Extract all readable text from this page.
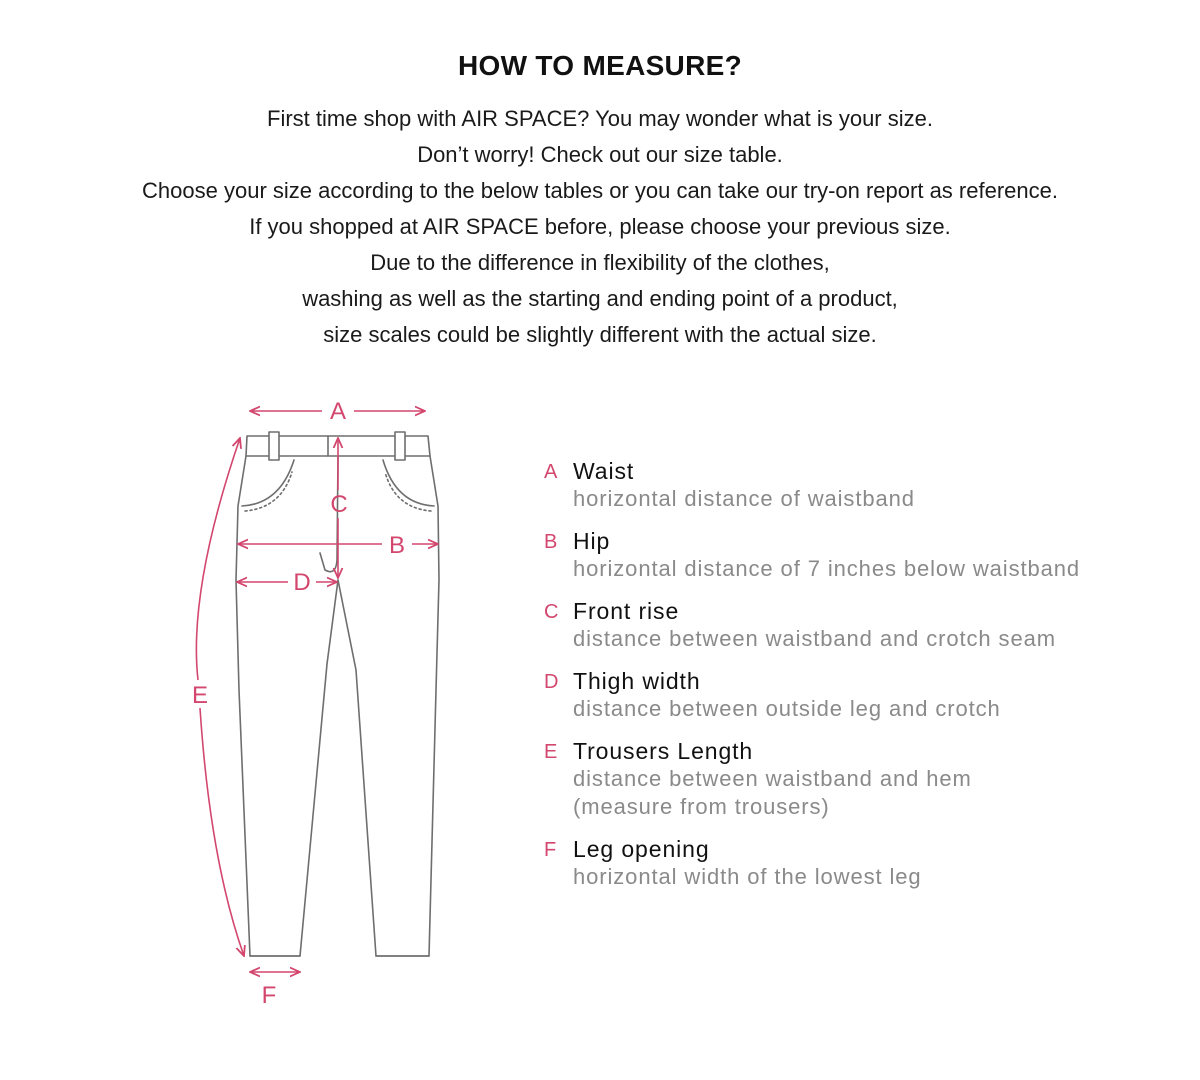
HOW TO MEASURE?
First time shop with AIR SPACE? You may wonder what is your size.
Don’t worry! Check out our size table.
Choose your size according to the below tables or you can take our try-on report as reference.
If you shopped at AIR SPACE before, please choose your previous size.
Due to the difference in flexibility of the clothes,
washing as well as the starting and ending point of a product,
size scales could be slightly different with the actual size.
A
B
C
D
E
F
A Waist
horizontal distance of waistband
B Hip
horizontal distance of 7 inches below waistband
C Front rise
distance between waistband and crotch seam
D Thigh width
distance between outside leg and crotch
E Trousers Length
distance between waistband and hem
(measure from trousers)
F Leg opening
horizontal width of the lowest leg
